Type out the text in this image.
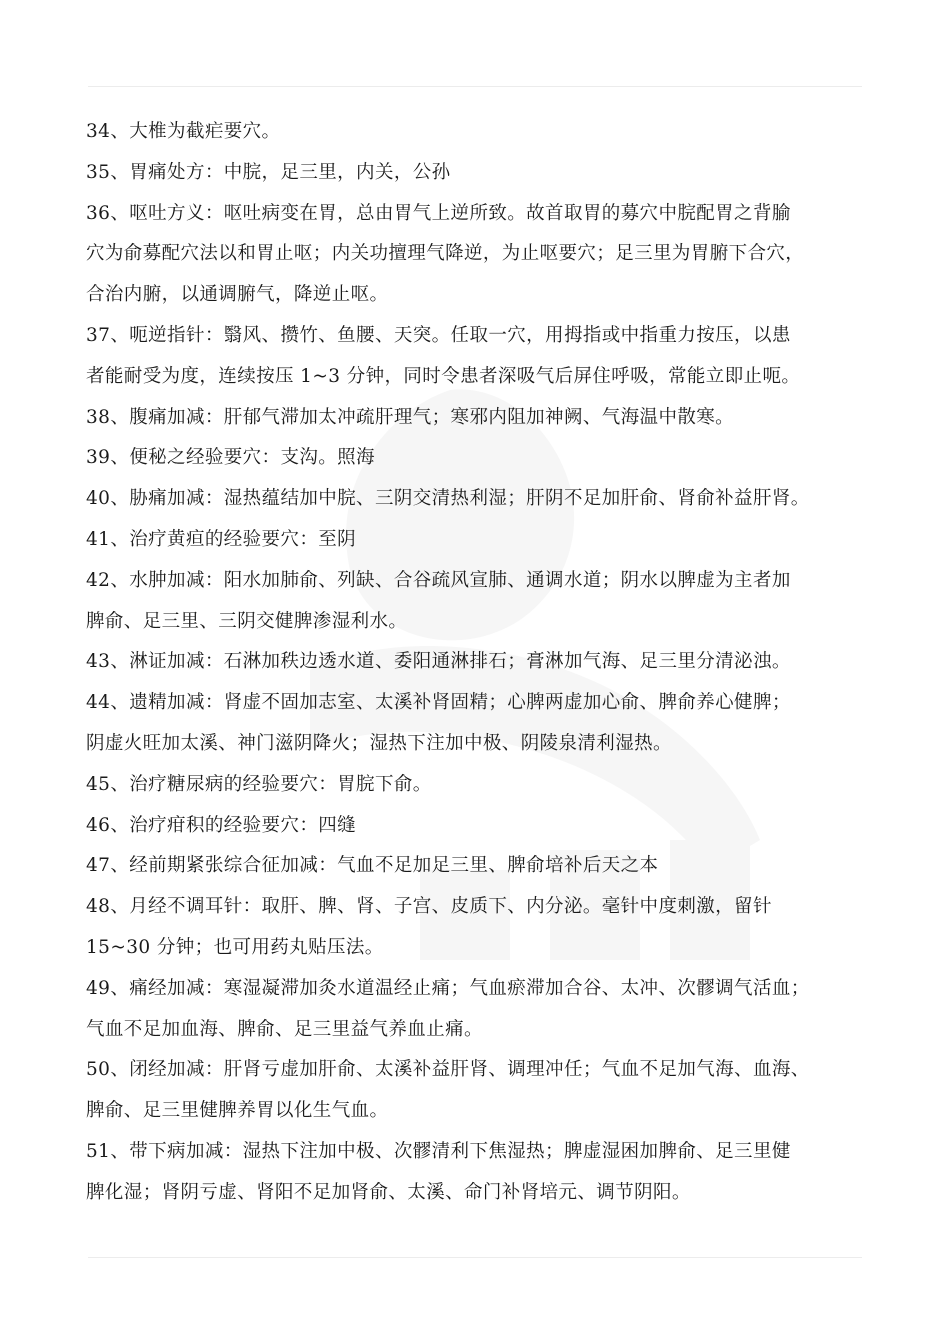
34、大椎为截疟要穴。
35、胃痛处方：中脘，足三里，内关，公孙
36、呕吐方义：呕吐病变在胃，总由胃气上逆所致。故首取胃的募穴中脘配胃之背腧
穴为俞募配穴法以和胃止呕；内关功擅理气降逆，为止呕要穴；足三里为胃腑下合穴，
合治内腑，以通调腑气，降逆止呕。
37、呃逆指针：翳风、攒竹、鱼腰、天突。任取一穴，用拇指或中指重力按压，以患
者能耐受为度，连续按压 1~3 分钟，同时令患者深吸气后屏住呼吸，常能立即止呃。
38、腹痛加减：肝郁气滞加太冲疏肝理气；寒邪内阻加神阙、气海温中散寒。
39、便秘之经验要穴：支沟。照海
40、胁痛加减：湿热蕴结加中脘、三阴交清热利湿；肝阴不足加肝俞、肾俞补益肝肾。
41、治疗黄疸的经验要穴：至阴
42、水肿加减：阳水加肺俞、列缺、合谷疏风宣肺、通调水道；阴水以脾虚为主者加
脾俞、足三里、三阴交健脾渗湿利水。
43、淋证加减：石淋加秩边透水道、委阳通淋排石；膏淋加气海、足三里分清泌浊。
44、遗精加减：肾虚不固加志室、太溪补肾固精；心脾两虚加心俞、脾俞养心健脾；
阴虚火旺加太溪、神门滋阴降火；湿热下注加中极、阴陵泉清利湿热。
45、治疗糖尿病的经验要穴：胃脘下俞。
46、治疗疳积的经验要穴：四缝
47、经前期紧张综合征加减：气血不足加足三里、脾俞培补后天之本
48、月经不调耳针：取肝、脾、肾、子宫、皮质下、内分泌。毫针中度刺激，留针
15~30 分钟；也可用药丸贴压法。
49、痛经加减：寒湿凝滞加灸水道温经止痛；气血瘀滞加合谷、太冲、次髎调气活血；
气血不足加血海、脾俞、足三里益气养血止痛。
50、闭经加减：肝肾亏虚加肝俞、太溪补益肝肾、调理冲任；气血不足加气海、血海、
脾俞、足三里健脾养胃以化生气血。
51、带下病加减：湿热下注加中极、次髎清利下焦湿热；脾虚湿困加脾俞、足三里健
脾化湿；肾阴亏虚、肾阳不足加肾俞、太溪、命门补肾培元、调节阴阳。
